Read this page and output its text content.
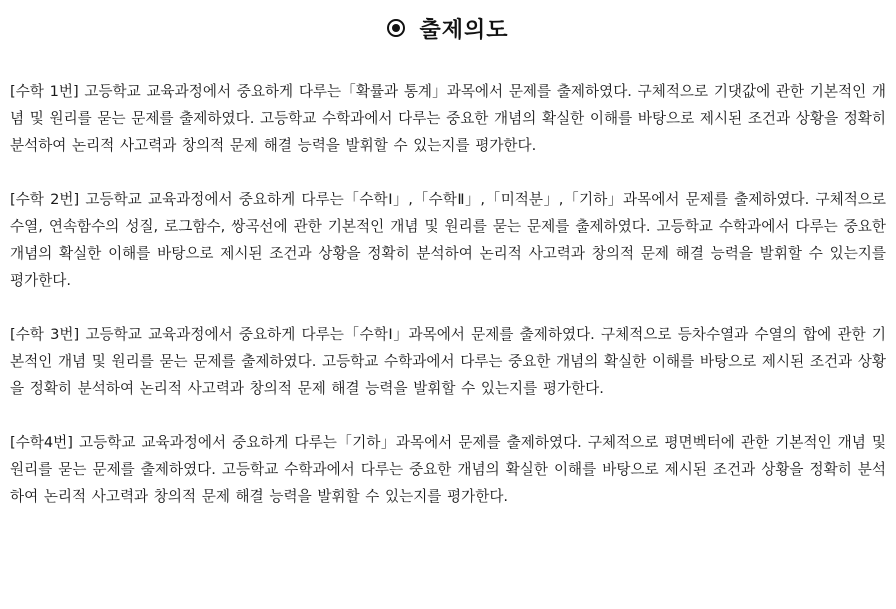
출제의도

[수학 1번] 고등학교 교육과정에서 중요하게 다루는「확률과 통계」과목에서 문제를 출제하였다. 구체적으로 기댓값에 관한 기본적인 개념 및 원리를 묻는 문제를 출제하였다. 고등학교 수학과에서 다루는 중요한 개념의 확실한 이해를 바탕으로 제시된 조건과 상황을 정확히 분석하여 논리적 사고력과 창의적 문제 해결 능력을 발휘할 수 있는지를 평가한다.

[수학 2번] 고등학교 교육과정에서 중요하게 다루는「수학Ⅰ」,「수학Ⅱ」,「미적분」,「기하」과목에서 문제를 출제하였다. 구체적으로 수열, 연속함수의 성질, 로그함수, 쌍곡선에 관한 기본적인 개념 및 원리를 묻는 문제를 출제하였다. 고등학교 수학과에서 다루는 중요한 개념의 확실한 이해를 바탕으로 제시된 조건과 상황을 정확히 분석하여 논리적 사고력과 창의적 문제 해결 능력을 발휘할 수 있는지를 평가한다.

[수학 3번] 고등학교 교육과정에서 중요하게 다루는「수학Ⅰ」과목에서 문제를 출제하였다. 구체적으로 등차수열과 수열의 합에 관한 기본적인 개념 및 원리를 묻는 문제를 출제하였다. 고등학교 수학과에서 다루는 중요한 개념의 확실한 이해를 바탕으로 제시된 조건과 상황을 정확히 분석하여 논리적 사고력과 창의적 문제 해결 능력을 발휘할 수 있는지를 평가한다.

[수학4번] 고등학교 교육과정에서 중요하게 다루는「기하」과목에서 문제를 출제하였다. 구체적으로 평면벡터에 관한 기본적인 개념 및 원리를 묻는 문제를 출제하였다. 고등학교 수학과에서 다루는 중요한 개념의 확실한 이해를 바탕으로 제시된 조건과 상황을 정확히 분석하여 논리적 사고력과 창의적 문제 해결 능력을 발휘할 수 있는지를 평가한다.
